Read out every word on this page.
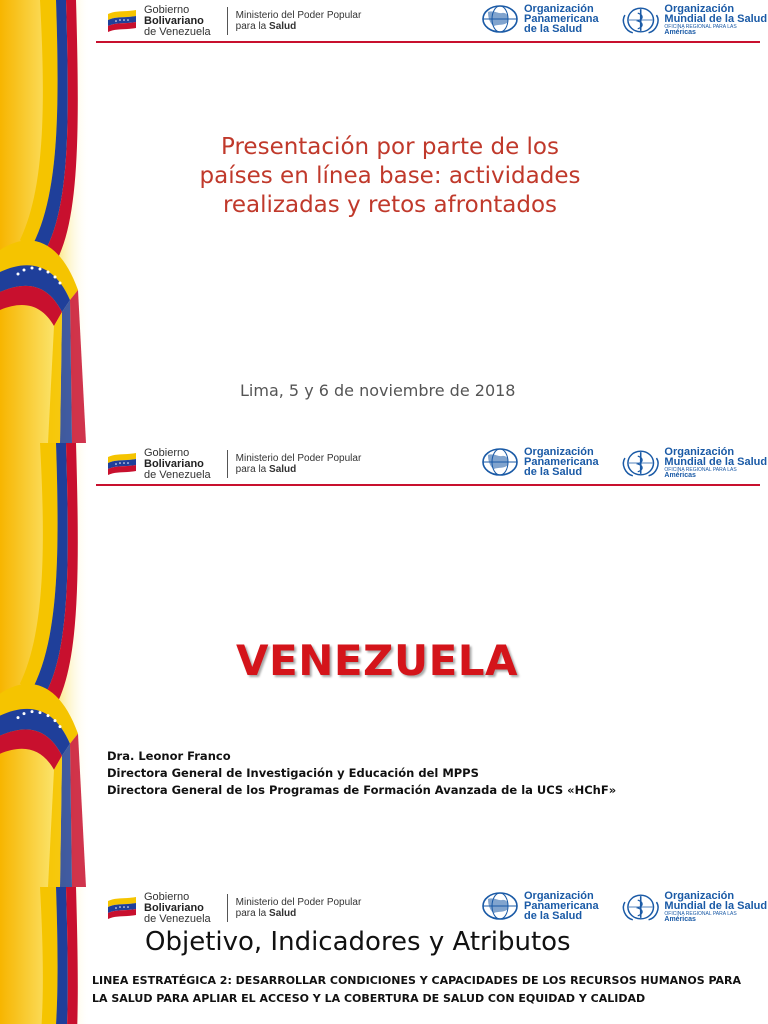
Gobierno
Bolivariano
de Venezuela
Ministerio del Poder Popular
para la Salud
Organización
Panamericana
de la Salud
Organización
Mundial de la Salud
OFICINA REGIONAL PARA LAS Américas
Presentación por parte de los
países en línea base: actividades
realizadas y retos afrontados
Lima, 5 y 6 de noviembre de 2018
Gobierno
Bolivariano
de Venezuela
Ministerio del Poder Popular
para la Salud
Organización
Panamericana
de la Salud
Organización
Mundial de la Salud
OFICINA REGIONAL PARA LAS Américas
VENEZUELA
Dra. Leonor Franco
Directora General de Investigación y Educación del MPPS
Directora General de los Programas de Formación Avanzada de la UCS «HChF»
Gobierno
Bolivariano
de Venezuela
Ministerio del Poder Popular
para la Salud
Organización
Panamericana
de la Salud
Organización
Mundial de la Salud
OFICINA REGIONAL PARA LAS Américas
Objetivo, Indicadores y Atributos
LINEA ESTRATÉGICA 2: DESARROLLAR CONDICIONES Y CAPACIDADES DE LOS RECURSOS HUMANOS PARA
LA SALUD PARA APLIAR EL ACCESO Y LA COBERTURA DE SALUD CON EQUIDAD Y CALIDAD
